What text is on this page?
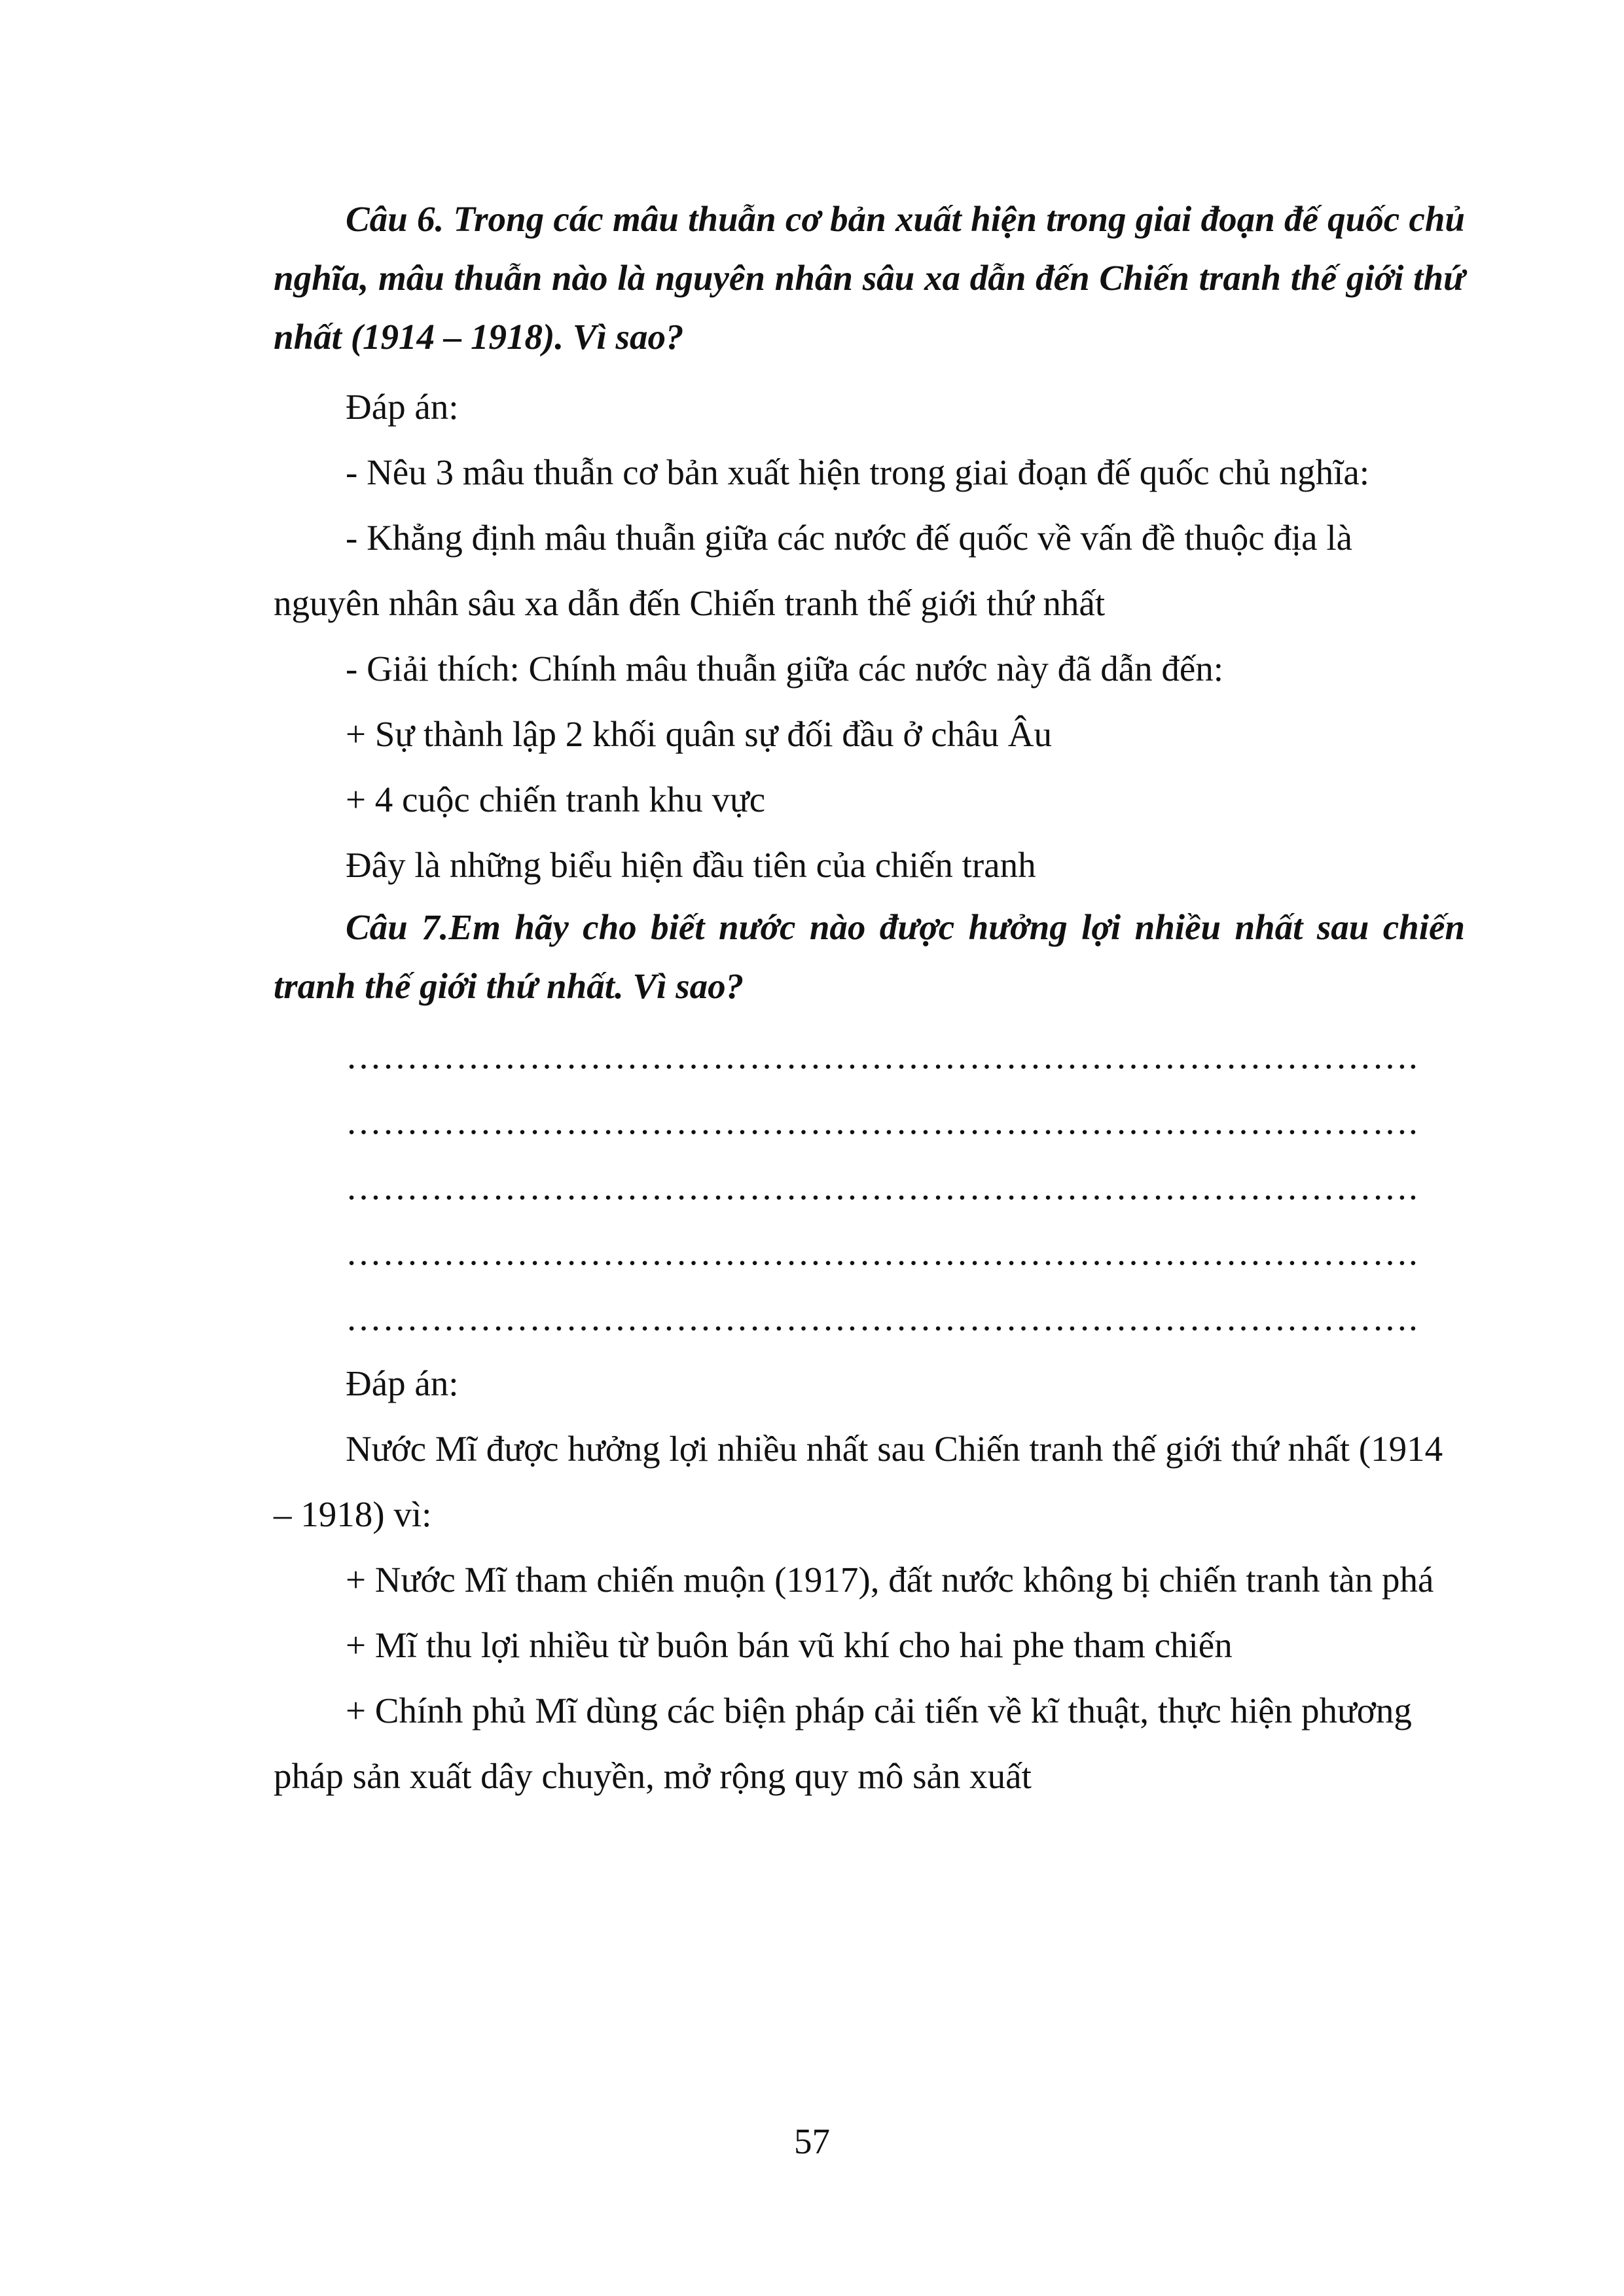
Câu 6. Trong các mâu thuẫn cơ bản xuất hiện trong giai đoạn đế quốc chủ nghĩa, mâu thuẫn nào là nguyên nhân sâu xa dẫn đến Chiến tranh thế giới thứ nhất (1914 – 1918). Vì sao?

Đáp án:

- Nêu 3 mâu thuẫn cơ bản xuất hiện trong giai đoạn đế quốc chủ nghĩa:

- Khẳng định mâu thuẫn giữa các nước đế quốc về vấn đề thuộc địa là nguyên nhân sâu xa dẫn đến Chiến tranh thế giới thứ nhất

- Giải thích: Chính mâu thuẫn giữa các nước này đã dẫn đến:

+ Sự thành lập 2 khối quân sự đối đầu ở châu Âu

+ 4 cuộc chiến tranh khu vực

Đây là những biểu hiện đầu tiên của chiến tranh

Câu 7.Em hãy cho biết nước nào được hưởng lợi nhiều nhất sau chiến tranh thế giới thứ nhất. Vì sao?

…………………………………………………………………………….
…………………………………………………………………………….
…………………………………………………………………………….
…………………………………………………………………………….
…………………………………………………………………………….

Đáp án:

Nước Mĩ được hưởng lợi nhiều nhất sau Chiến tranh thế giới thứ nhất (1914 – 1918) vì:

+ Nước Mĩ tham chiến muộn (1917), đất nước không bị chiến tranh tàn phá

+ Mĩ thu lợi nhiều từ buôn bán vũ khí cho hai phe tham chiến

+ Chính phủ Mĩ dùng các biện pháp cải tiến về kĩ thuật, thực hiện phương pháp sản xuất dây chuyền, mở rộng quy mô sản xuất

57
